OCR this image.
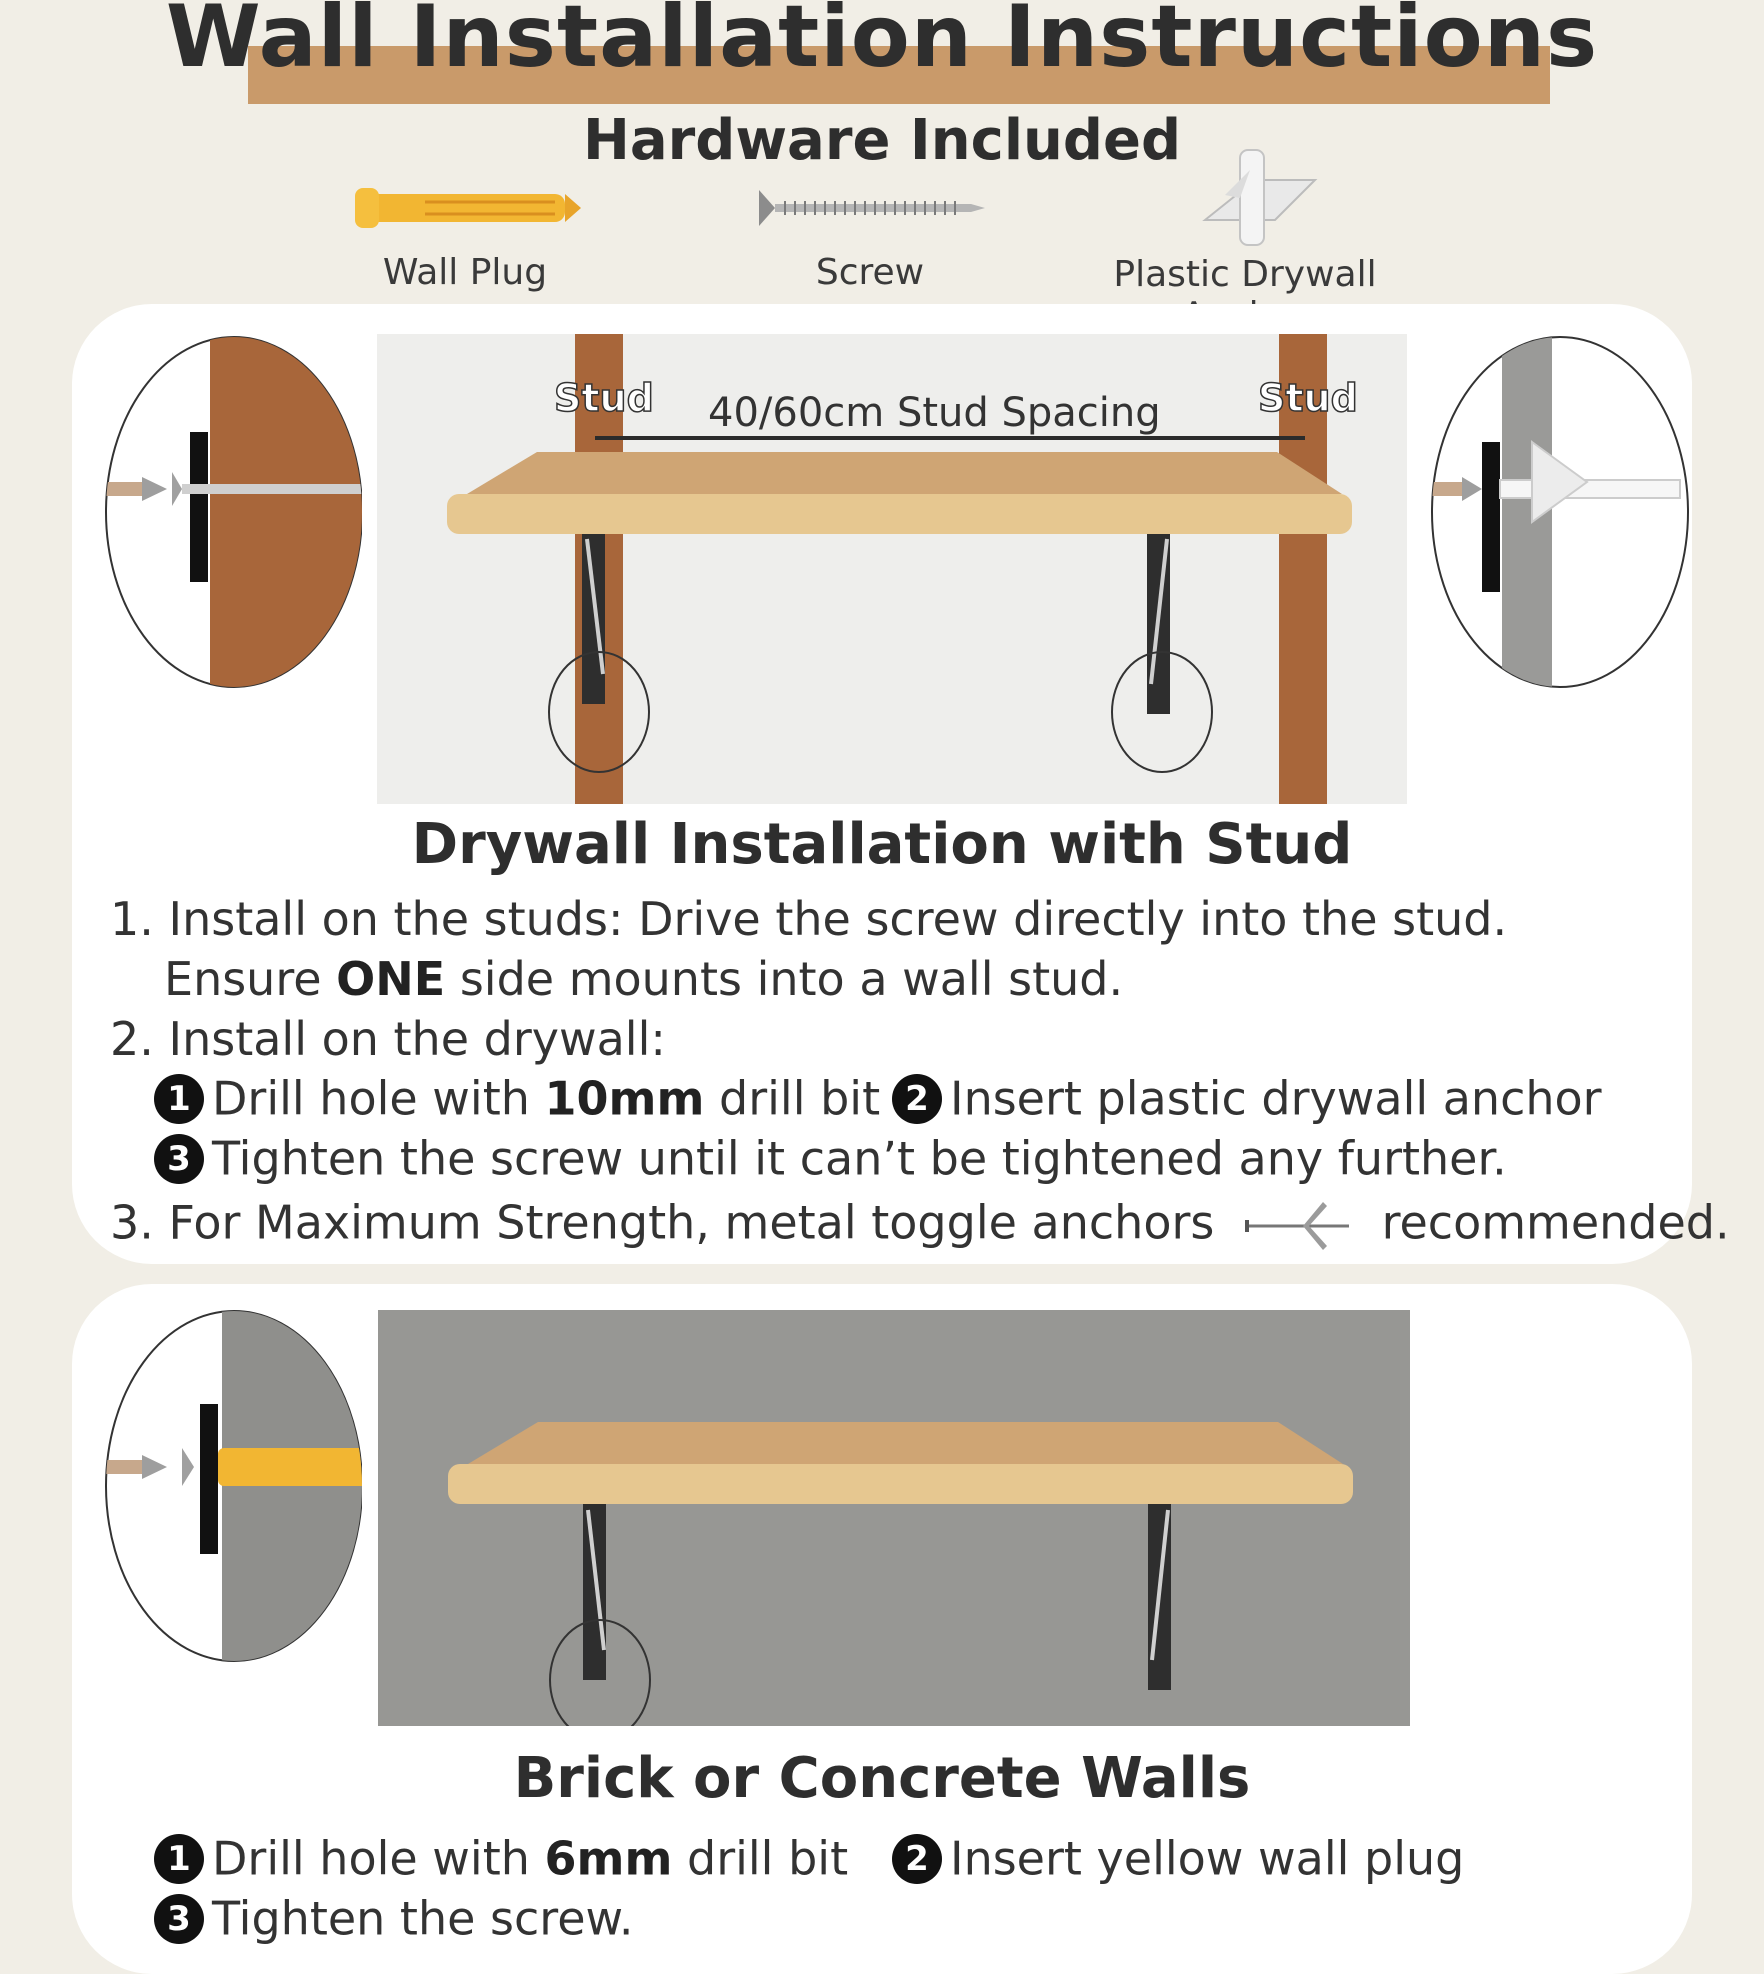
Wall Installation Instructions
Hardware Included
Wall Plug	Screw	Plastic Drywall
Stud	Stud
40/60cm Stud Spacing
Drywall Installation with Stud
1. Install on the studs: Drive the screw directly into the stud.
Ensure ONE side mounts into a wall stud.
2. Install on the drywall:
1 Drill hole with 10mm drill bit 2 Insert plastic drywall anchor
3 Tighten the screw until it can’t be tightened any further.
3. For Maximum Strength, metal toggle anchors	recommended.
Brick or Concrete Walls
1 Drill hole with 6mm drill bit	2 Insert yellow wall plug
3 Tighten the screw.
